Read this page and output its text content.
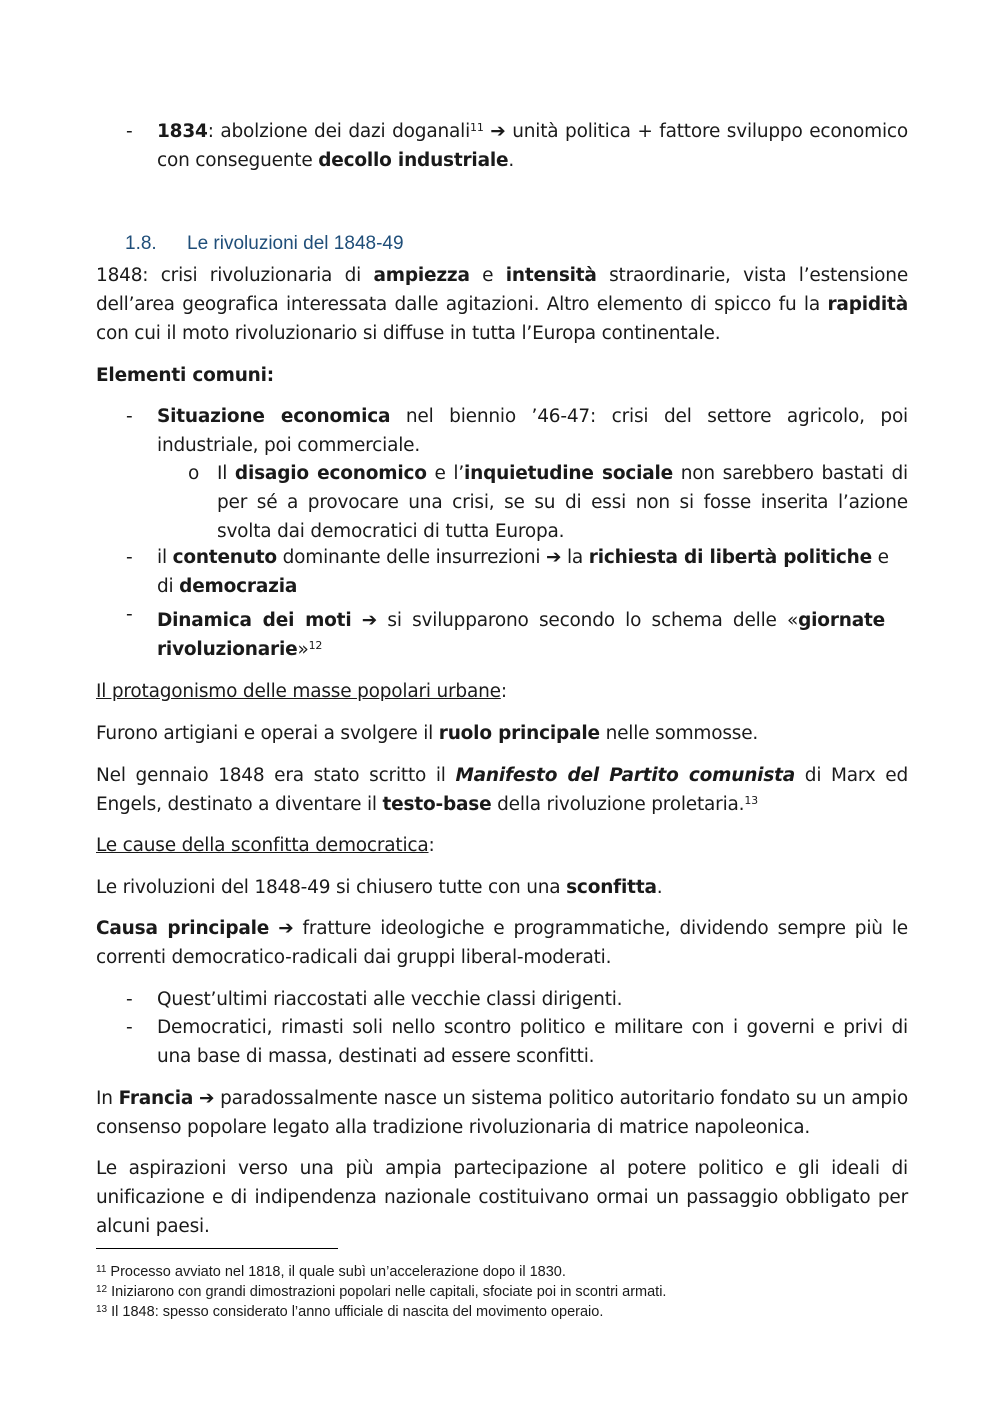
- 1834: abolzione dei dazi doganali$^{11}$ ➔ unità politica + fattore sviluppo economico con conseguente decollo industriale.
1.8. Le rivoluzioni del 1848-49

1848: crisi rivoluzionaria di ampiezza e intensità straordinarie, vista l’estensione dell’area geografica interessata dalle agitazioni. Altro elemento di spicco fu la rapidità con cui il moto rivoluzionario si diffuse in tutta l’Europa continentale.

Elementi comuni:

- Situazione economica nel biennio ’46-47: crisi del settore agricolo, poi industriale, poi commerciale.
o Il disagio economico e l’inquietudine sociale non sarebbero bastati di per sé a provocare una crisi, se su di essi non si fosse inserita l’azione svolta dai democratici di tutta Europa.
- il contenuto dominante delle insurrezioni ➔ la richiesta di libertà politiche e di democrazia
- Dinamica dei moti ➔ si svilupparono secondo lo schema delle «giornate rivoluzionarie»$^{12}$

Il protagonismo delle masse popolari urbane:

Furono artigiani e operai a svolgere il ruolo principale nelle sommosse.

Nel gennaio 1848 era stato scritto il Manifesto del Partito comunista di Marx ed Engels, destinato a diventare il testo-base della rivoluzione proletaria.$^{13}$

Le cause della sconfitta democratica:

Le rivoluzioni del 1848-49 si chiusero tutte con una sconfitta.

Causa principale ➔ fratture ideologiche e programmatiche, dividendo sempre più le correnti democratico-radicali dai gruppi liberal-moderati.

- Quest’ultimi riaccostati alle vecchie classi dirigenti.
- Democratici, rimasti soli nello scontro politico e militare con i governi e privi di una base di massa, destinati ad essere sconfitti.

In Francia ➔ paradossalmente nasce un sistema politico autoritario fondato su un ampio consenso popolare legato alla tradizione rivoluzionaria di matrice napoleonica.

Le aspirazioni verso una più ampia partecipazione al potere politico e gli ideali di unificazione e di indipendenza nazionale costituivano ormai un passaggio obbligato per alcuni paesi.

$^{11}$ Processo avviato nel 1818, il quale subì un’accelerazione dopo il 1830.
$^{12}$ Iniziarono con grandi dimostrazioni popolari nelle capitali, sfociate poi in scontri armati.
$^{13}$ Il 1848: spesso considerato l’anno ufficiale di nascita del movimento operaio.
